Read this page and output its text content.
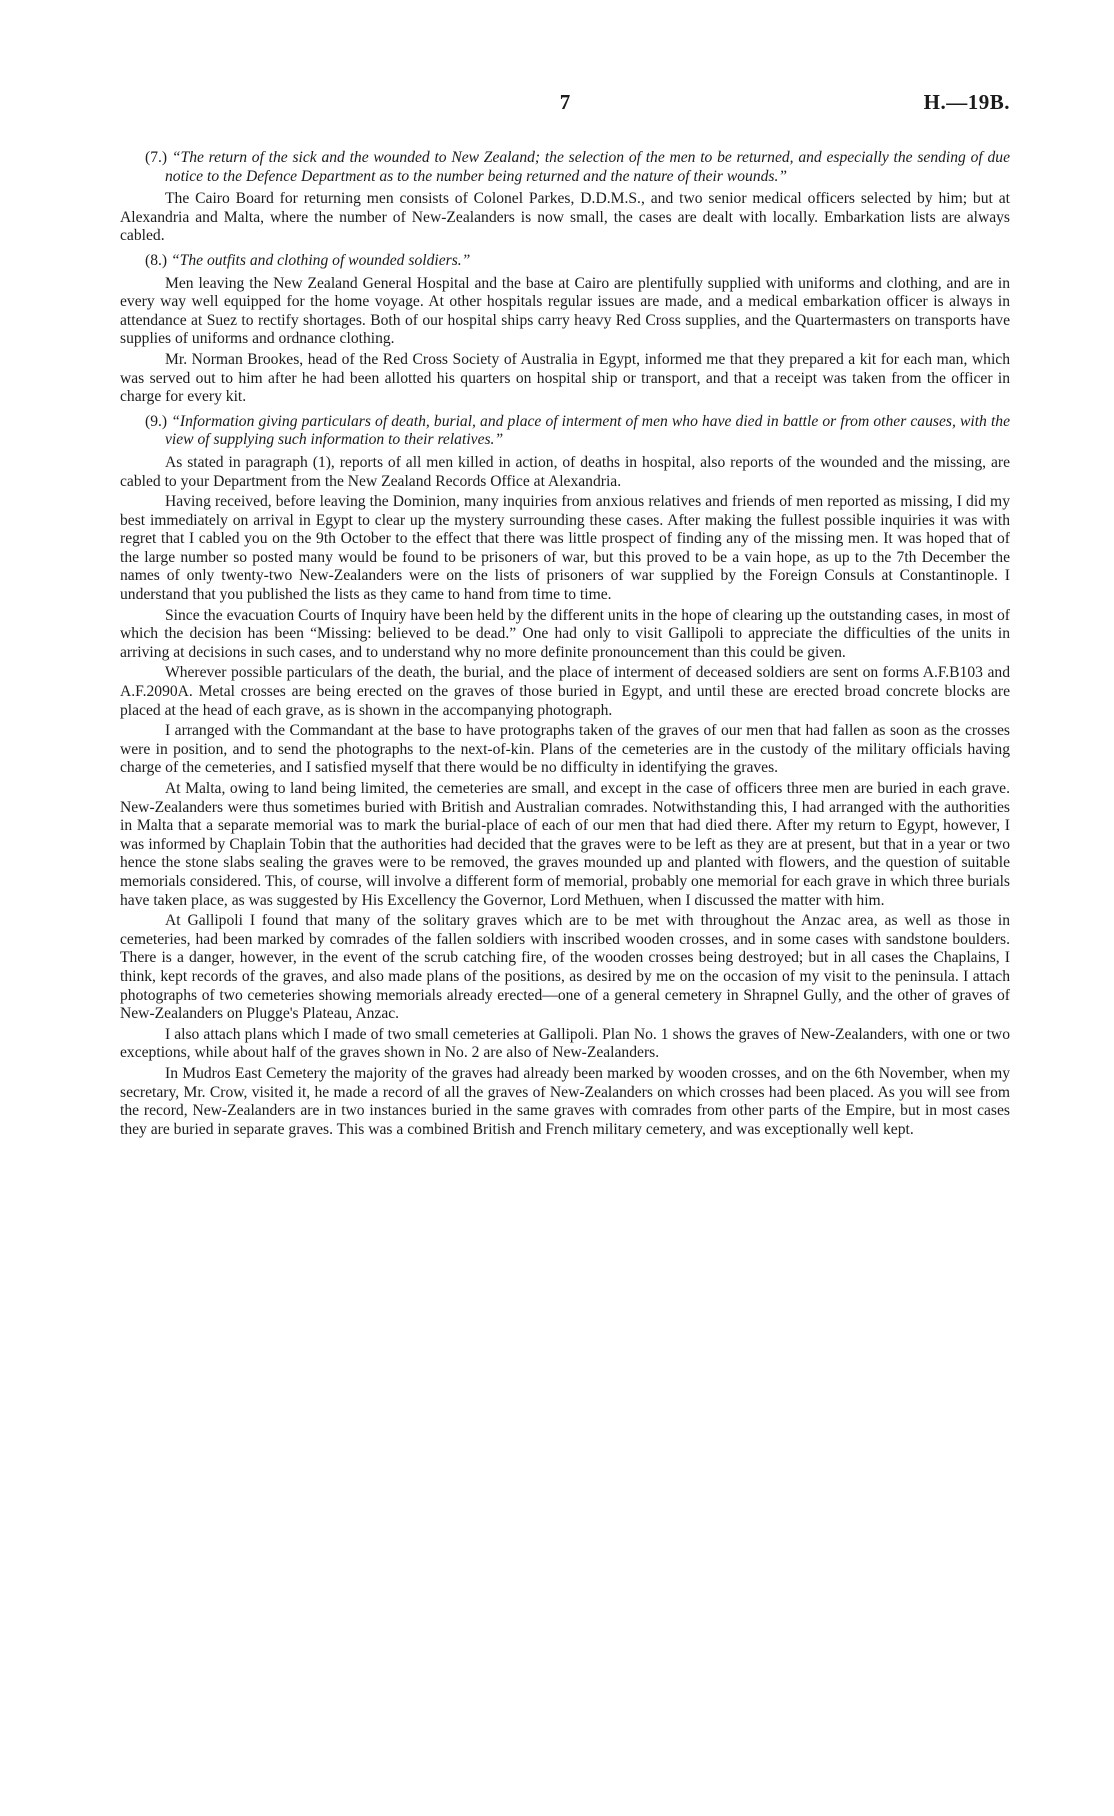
7	H.—19B.
(7.) “The return of the sick and the wounded to New Zealand; the selection of the men to be returned, and especially the sending of due notice to the Defence Department as to the number being returned and the nature of their wounds.”

The Cairo Board for returning men consists of Colonel Parkes, D.D.M.S., and two senior medical officers selected by him; but at Alexandria and Malta, where the number of New-Zealanders is now small, the cases are dealt with locally. Embarkation lists are always cabled.

(8.) “The outfits and clothing of wounded soldiers.”

Men leaving the New Zealand General Hospital and the base at Cairo are plentifully supplied with uniforms and clothing, and are in every way well equipped for the home voyage. At other hospitals regular issues are made, and a medical embarkation officer is always in attendance at Suez to rectify shortages. Both of our hospital ships carry heavy Red Cross supplies, and the Quartermasters on transports have supplies of uniforms and ordnance clothing.

Mr. Norman Brookes, head of the Red Cross Society of Australia in Egypt, informed me that they prepared a kit for each man, which was served out to him after he had been allotted his quarters on hospital ship or transport, and that a receipt was taken from the officer in charge for every kit.

(9.) “Information giving particulars of death, burial, and place of interment of men who have died in battle or from other causes, with the view of supplying such information to their relatives.”

As stated in paragraph (1), reports of all men killed in action, of deaths in hospital, also reports of the wounded and the missing, are cabled to your Department from the New Zealand Records Office at Alexandria.

Having received, before leaving the Dominion, many inquiries from anxious relatives and friends of men reported as missing, I did my best immediately on arrival in Egypt to clear up the mystery surrounding these cases. After making the fullest possible inquiries it was with regret that I cabled you on the 9th October to the effect that there was little prospect of finding any of the missing men. It was hoped that of the large number so posted many would be found to be prisoners of war, but this proved to be a vain hope, as up to the 7th December the names of only twenty-two New-Zealanders were on the lists of prisoners of war supplied by the Foreign Consuls at Constantinople. I understand that you published the lists as they came to hand from time to time.

Since the evacuation Courts of Inquiry have been held by the different units in the hope of clearing up the outstanding cases, in most of which the decision has been “Missing: believed to be dead.” One had only to visit Gallipoli to appreciate the difficulties of the units in arriving at decisions in such cases, and to understand why no more definite pronouncement than this could be given.

Wherever possible particulars of the death, the burial, and the place of interment of deceased soldiers are sent on forms A.F.B103 and A.F.2090A. Metal crosses are being erected on the graves of those buried in Egypt, and until these are erected broad concrete blocks are placed at the head of each grave, as is shown in the accompanying photograph.

I arranged with the Commandant at the base to have protographs taken of the graves of our men that had fallen as soon as the crosses were in position, and to send the photographs to the next-of-kin. Plans of the cemeteries are in the custody of the military officials having charge of the cemeteries, and I satisfied myself that there would be no difficulty in identifying the graves.

At Malta, owing to land being limited, the cemeteries are small, and except in the case of officers three men are buried in each grave. New-Zealanders were thus sometimes buried with British and Australian comrades. Notwithstanding this, I had arranged with the authorities in Malta that a separate memorial was to mark the burial-place of each of our men that had died there. After my return to Egypt, however, I was informed by Chaplain Tobin that the authorities had decided that the graves were to be left as they are at present, but that in a year or two hence the stone slabs sealing the graves were to be removed, the graves mounded up and planted with flowers, and the question of suitable memorials considered. This, of course, will involve a different form of memorial, probably one memorial for each grave in which three burials have taken place, as was suggested by His Excellency the Governor, Lord Methuen, when I discussed the matter with him.

At Gallipoli I found that many of the solitary graves which are to be met with throughout the Anzac area, as well as those in cemeteries, had been marked by comrades of the fallen soldiers with inscribed wooden crosses, and in some cases with sandstone boulders. There is a danger, however, in the event of the scrub catching fire, of the wooden crosses being destroyed; but in all cases the Chaplains, I think, kept records of the graves, and also made plans of the positions, as desired by me on the occasion of my visit to the peninsula. I attach photographs of two cemeteries showing memorials already erected—one of a general cemetery in Shrapnel Gully, and the other of graves of New-Zealanders on Plugge's Plateau, Anzac.

I also attach plans which I made of two small cemeteries at Gallipoli. Plan No. 1 shows the graves of New-Zealanders, with one or two exceptions, while about half of the graves shown in No. 2 are also of New-Zealanders.

In Mudros East Cemetery the majority of the graves had already been marked by wooden crosses, and on the 6th November, when my secretary, Mr. Crow, visited it, he made a record of all the graves of New-Zealanders on which crosses had been placed. As you will see from the record, New-Zealanders are in two instances buried in the same graves with comrades from other parts of the Empire, but in most cases they are buried in separate graves. This was a combined British and French military cemetery, and was exceptionally well kept.
